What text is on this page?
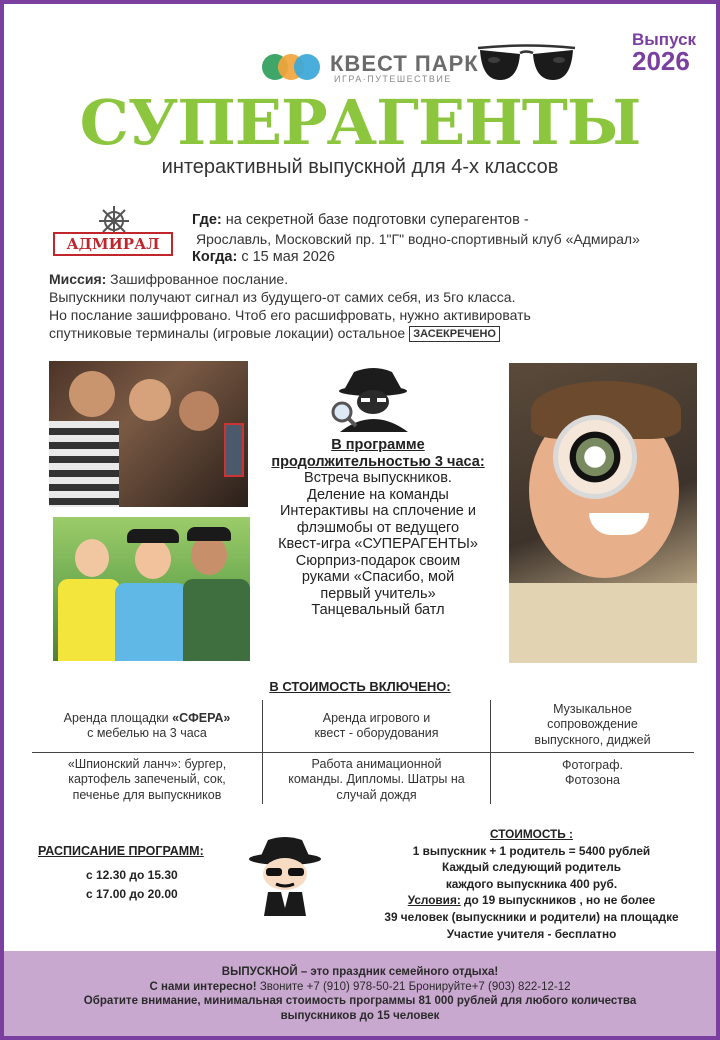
КВЕСТ ПАРК
ИГРА·ПУТЕШЕСТВИЕ
Выпуск
2026
СУПЕРАГЕНТЫ
интерактивный выпускной для 4-х классов
АДМИРАЛ
Где: на секретной базе подготовки суперагентов -
Ярославль, Московский пр. 1"Г" водно-спортивный клуб «Адмирал»
Когда: с 15 мая 2026

Миссия: Зашифрованное послание.

Выпускники получают сигнал из будущего-от самих себя, из 5го класса.

Но послание зашифровано. Чтоб его расшифровать, нужно активировать

спутниковые терминалы (игровые локации) остальное ЗАСЕКРЕЧЕНО

В программе
продолжительностью 3 часа:
Встреча выпускников.
Деление на команды
Интерактивы на сплочение и
флэшмобы от ведущего
Квест-игра «СУПЕРАГЕНТЫ»
Сюрприз-подарок своим
руками «Спасибо, мой
первый учитель»
Танцевальный батл
В СТОИМОСТЬ ВКЛЮЧЕНО:
Аренда площадки «СФЕРА»
с мебелью на 3 часа
Аренда игрового и
квест - оборудования
Музыкальное
сопровождение
выпускного, диджей
«Шпионский ланч»: бургер,
картофель запеченый, сок,
печенье для выпускников
Работа анимационной
команды. Дипломы. Шатры на
случай дождя
Фотограф.
Фотозона
РАСПИСАНИЕ ПРОГРАММ:
с 12.30 до 15.30
с 17.00 до 20.00
СТОИМОСТЬ :
1 выпускник + 1 родитель = 5400 рублей
Каждый следующий родитель
каждого выпускника 400 руб.
Условия: до 19 выпускников , но не более
39 человек (выпускники и родители) на площадке
Участие учителя - бесплатно
ВЫПУСКНОЙ – это праздник семейного отдыха!
С нами интересно! Звоните +7 (910) 978-50-21 Бронируйте+7 (903) 822-12-12
Обратите внимание, минимальная стоимость программы 81 000 рублей для любого количества
выпускников до 15 человек
